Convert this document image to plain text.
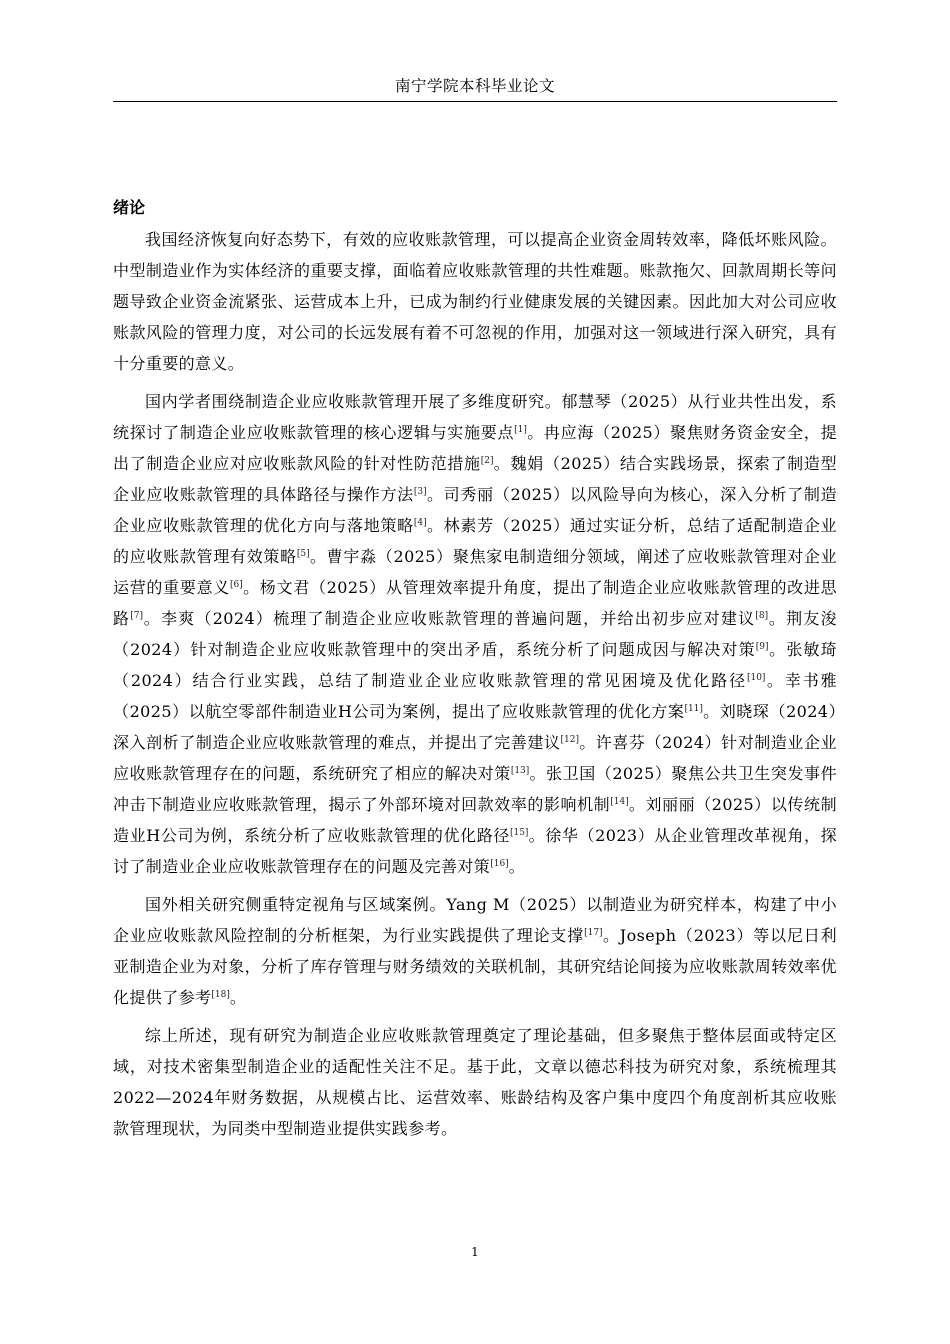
南宁学院本科毕业论文
绪论

我国经济恢复向好态势下，有效的应收账款管理，可以提高企业资金周转效率，降低坏账风险。中型制造业作为实体经济的重要支撑，面临着应收账款管理的共性难题。账款拖欠、回款周期长等问题导致企业资金流紧张、运营成本上升，已成为制约行业健康发展的关键因素。因此加大对公司应收账款风险的管理力度，对公司的长远发展有着不可忽视的作用，加强对这一领域进行深入研究，具有十分重要的意义。

国内学者围绕制造企业应收账款管理开展了多维度研究。郁慧琴（2025）从行业共性出发，系统探讨了制造企业应收账款管理的核心逻辑与实施要点[1]。冉应海（2025）聚焦财务资金安全，提出了制造企业应对应收账款风险的针对性防范措施[2]。魏娟（2025）结合实践场景，探索了制造型企业应收账款管理的具体路径与操作方法[3]。司秀丽（2025）以风险导向为核心，深入分析了制造企业应收账款管理的优化方向与落地策略[4]。林素芳（2025）通过实证分析，总结了适配制造企业的应收账款管理有效策略[5]。曹宇淼（2025）聚焦家电制造细分领域，阐述了应收账款管理对企业运营的重要意义[6]。杨文君（2025）从管理效率提升角度，提出了制造企业应收账款管理的改进思路[7]。李爽（2024）梳理了制造企业应收账款管理的普遍问题，并给出初步应对建议[8]。荆友浚（2024）针对制造企业应收账款管理中的突出矛盾，系统分析了问题成因与解决对策[9]。张敏琦（2024）结合行业实践，总结了制造业企业应收账款管理的常见困境及优化路径[10]。幸书雅（2025）以航空零部件制造业H公司为案例，提出了应收账款管理的优化方案[11]。刘晓琛（2024）深入剖析了制造企业应收账款管理的难点，并提出了完善建议[12]。许喜芬（2024）针对制造业企业应收账款管理存在的问题，系统研究了相应的解决对策[13]。张卫国（2025）聚焦公共卫生突发事件冲击下制造业应收账款管理，揭示了外部环境对回款效率的影响机制[14]。刘丽丽（2025）以传统制造业H公司为例，系统分析了应收账款管理的优化路径[15]。徐华（2023）从企业管理改革视角，探讨了制造业企业应收账款管理存在的问题及完善对策[16]。

国外相关研究侧重特定视角与区域案例。Yang M（2025）以制造业为研究样本，构建了中小企业应收账款风险控制的分析框架，为行业实践提供了理论支撑[17]。Joseph（2023）等以尼日利亚制造企业为对象，分析了库存管理与财务绩效的关联机制，其研究结论间接为应收账款周转效率优化提供了参考[18]。

综上所述，现有研究为制造企业应收账款管理奠定了理论基础，但多聚焦于整体层面或特定区域，对技术密集型制造企业的适配性关注不足。基于此，文章以德芯科技为研究对象，系统梳理其2022—2024年财务数据，从规模占比、运营效率、账龄结构及客户集中度四个角度剖析其应收账款管理现状，为同类中型制造业提供实践参考。

1
